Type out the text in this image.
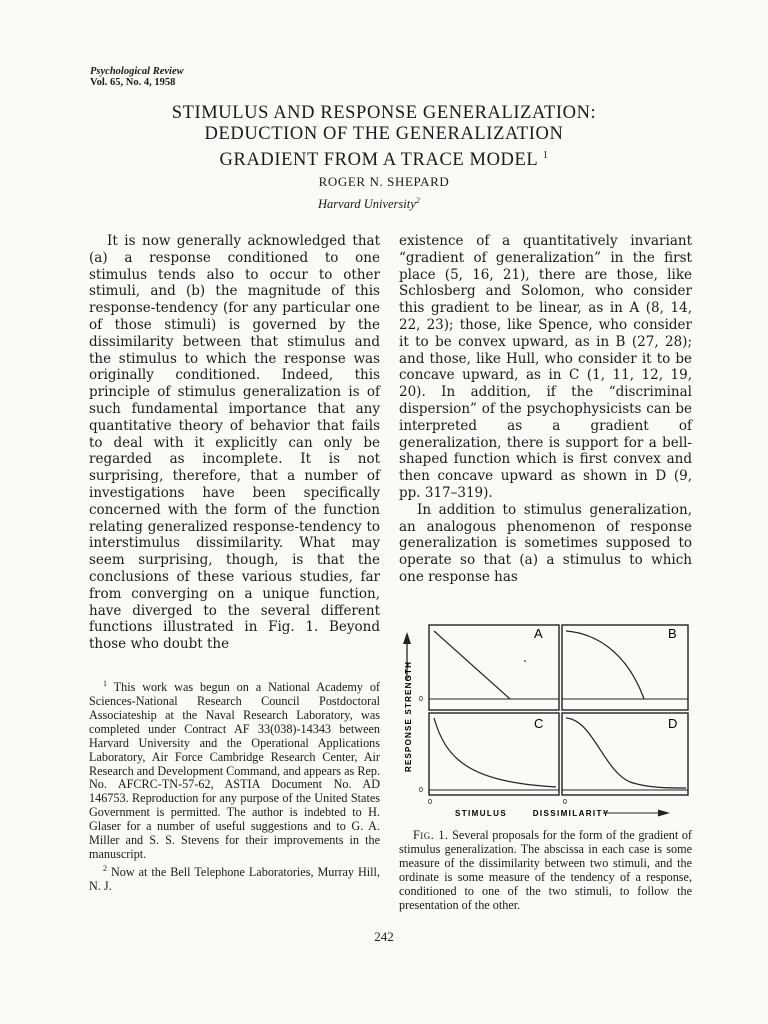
Psychological Review
Vol. 65, No. 4, 1958
STIMULUS AND RESPONSE GENERALIZATION:
DEDUCTION OF THE GENERALIZATION
GRADIENT FROM A TRACE MODEL $^1$
ROGER N. SHEPARD
Harvard University$^2$

It is now generally acknowledged that (a) a response conditioned to one stimulus tends also to occur to other stimuli, and (b) the magnitude of this response-tendency (for any particular one of those stimuli) is governed by the dissimilarity between that stimulus and the stimulus to which the response was originally conditioned. Indeed, this principle of stimulus generalization is of such fundamental importance that any quantitative theory of behavior that fails to deal with it explicitly can only be regarded as incomplete. It is not surprising, therefore, that a number of investigations have been specifically concerned with the form of the function relating generalized response-tendency to interstimulus dissimilarity. What may seem surprising, though, is that the conclusions of these various studies, far from converging on a unique function, have diverged to the several different functions illustrated in Fig. 1. Beyond those who doubt the

existence of a quantitatively invariant “gradient of generalization” in the first place (5, 16, 21), there are those, like Schlosberg and Solomon, who consider this gradient to be linear, as in A (8, 14, 22, 23); those, like Spence, who consider it to be convex upward, as in B (27, 28); and those, like Hull, who consider it to be concave upward, as in C (1, 11, 12, 19, 20). In addition, if the “discriminal dispersion” of the psychophysicists can be interpreted as a gradient of generalization, there is support for a bell-shaped function which is first convex and then concave upward as shown in D (9, pp. 317–319).

In addition to stimulus generalization, an analogous phenomenon of response generalization is sometimes supposed to operate so that (a) a stimulus to which one response has

$^1$ This work was begun on a National Academy of Sciences-National Research Council Postdoctoral Associateship at the Naval Research Laboratory, was completed under Contract AF 33(038)-14343 between Harvard University and the Operational Applications Laboratory, Air Force Cambridge Research Center, Air Research and Development Command, and appears as Rep. No. AFCRC-TN-57-62, ASTIA Document No. AD 146753. Reproduction for any purpose of the United States Government is permitted. The author is indebted to H. Glaser for a number of useful suggestions and to G. A. Miller and S. S. Stevens for their improvements in the manuscript.

$^2$ Now at the Bell Telephone Laboratories, Murray Hill, N. J.

RESPONSE STRENGTH 0
0
0	0
A	B
C	D
STIMULUS DISSIMILARITY
Fig. 1. Several proposals for the form of the gradient of stimulus generalization. The abscissa in each case is some measure of the dissimilarity between two stimuli, and the ordinate is some measure of the tendency of a response, conditioned to one of the two stimuli, to follow the presentation of the other.
242
